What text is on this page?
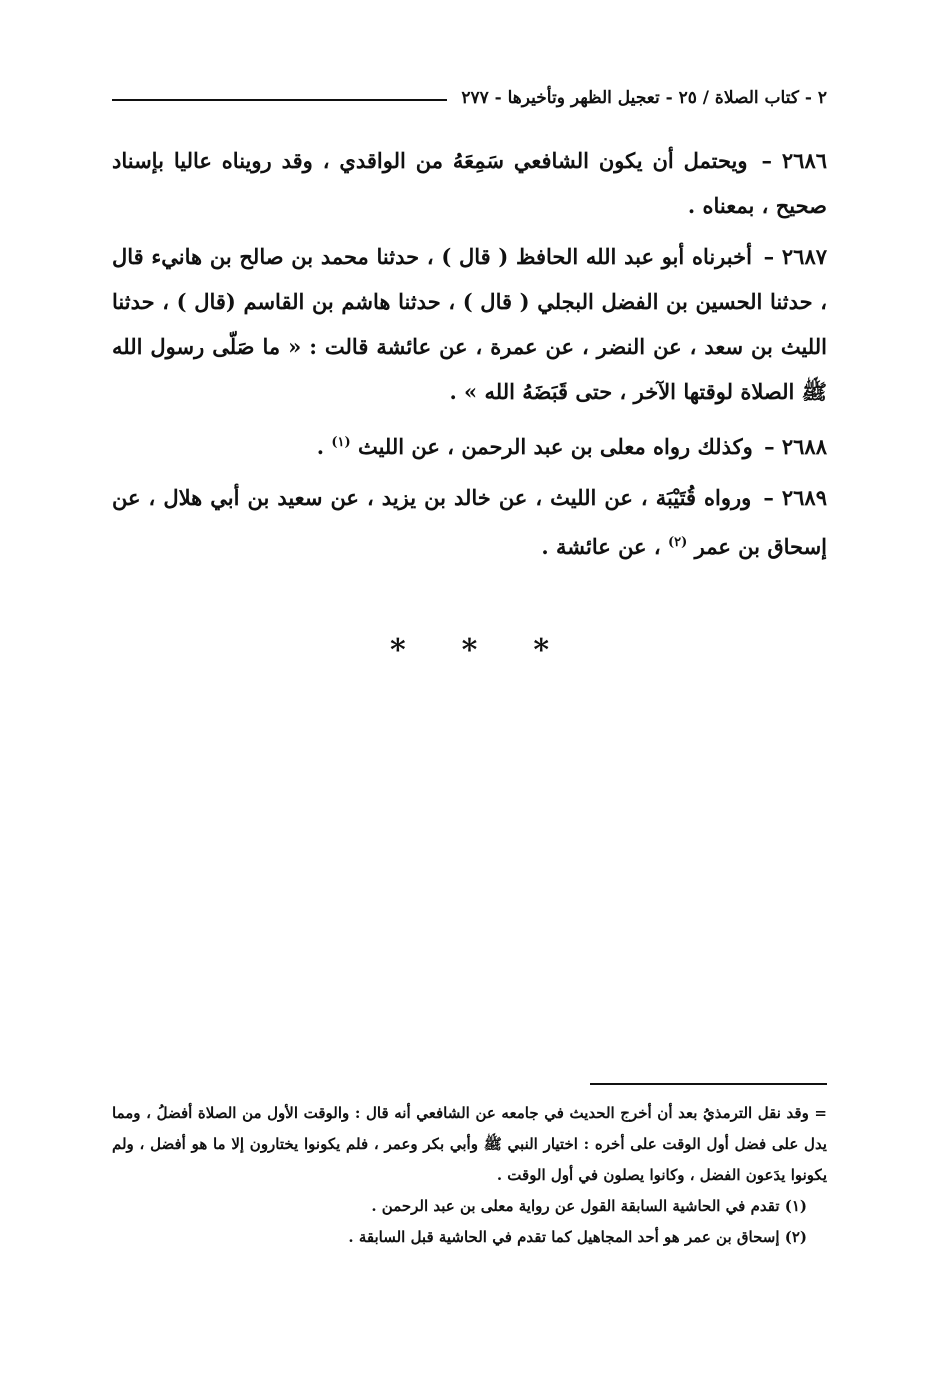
٢ - كتاب الصلاة / ٢٥ - تعجيل الظهر وتأخيرها - ٢٧٧

٢٦٨٦ – ويحتمل أن يكون الشافعي سَمِعَهُ من الواقدي ، وقد رويناه عاليا بإسناد صحيح ، بمعناه .

٢٦٨٧ – أخبرناه أبو عبد الله الحافظ ( قال ) ، حدثنا محمد بن صالح بن هانيء قال ، حدثنا الحسين بن الفضل البجلي ( قال ) ، حدثنا هاشم بن القاسم (قال ) ، حدثنا الليث بن سعد ، عن النضر ، عن عمرة ، عن عائشة قالت : « ما صَلّى رسول الله ﷺ الصلاة لوقتها الآخر ، حتى قَبَضَهُ الله » .

٢٦٨٨ – وكذلك رواه معلى بن عبد الرحمن ، عن الليث $^{(١)}$ .

٢٦٨٩ – ورواه قُتَيْبَة ، عن الليث ، عن خالد بن يزيد ، عن سعيد بن أبي هلال ، عن إسحاق بن عمر $^{(٢)}$ ، عن عائشة .

*
*
*

= وقد نقل الترمذيُ بعد أن أخرج الحديث في جامعه عن الشافعي أنه قال : والوقت الأول من الصلاة أفضلُ ، ومما يدل على فضل أول الوقت على أخره : اختيار النبي ﷺ وأبي بكر وعمر ، فلم يكونوا يختارون إلا ما هو أفضل ، ولم يكونوا يدَعون الفضل ، وكانوا يصلون في أول الوقت .

(١) تقدم في الحاشية السابقة القول عن رواية معلى بن عبد الرحمن .

(٢) إسحاق بن عمر هو أحد المجاهيل كما تقدم في الحاشية قبل السابقة .
